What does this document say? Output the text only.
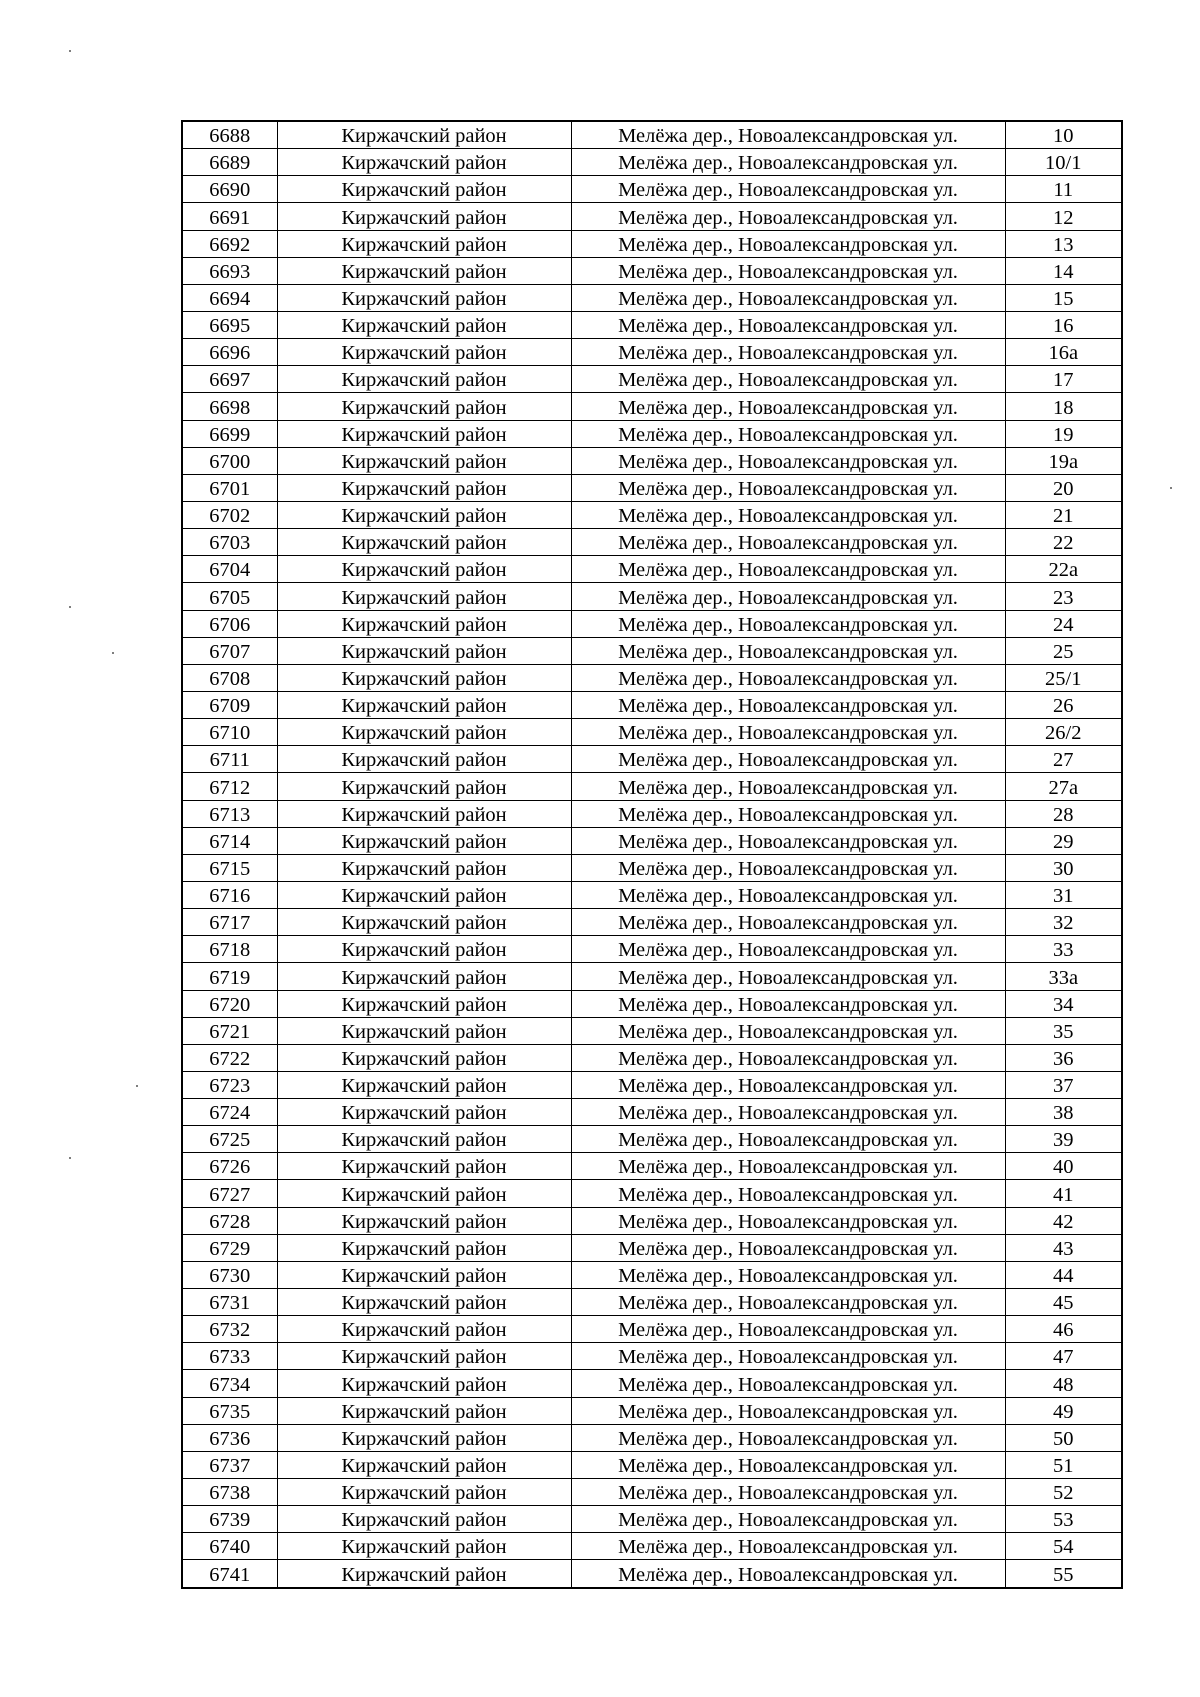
6688	Киржачский район	Мелёжа дер., Новоалександровская ул.	10
6689	Киржачский район	Мелёжа дер., Новоалександровская ул.	10/1
6690	Киржачский район	Мелёжа дер., Новоалександровская ул.	11
6691	Киржачский район	Мелёжа дер., Новоалександровская ул.	12
6692	Киржачский район	Мелёжа дер., Новоалександровская ул.	13
6693	Киржачский район	Мелёжа дер., Новоалександровская ул.	14
6694	Киржачский район	Мелёжа дер., Новоалександровская ул.	15
6695	Киржачский район	Мелёжа дер., Новоалександровская ул.	16
6696	Киржачский район	Мелёжа дер., Новоалександровская ул.	16а
6697	Киржачский район	Мелёжа дер., Новоалександровская ул.	17
6698	Киржачский район	Мелёжа дер., Новоалександровская ул.	18
6699	Киржачский район	Мелёжа дер., Новоалександровская ул.	19
6700	Киржачский район	Мелёжа дер., Новоалександровская ул.	19а
6701	Киржачский район	Мелёжа дер., Новоалександровская ул.	20
6702	Киржачский район	Мелёжа дер., Новоалександровская ул.	21
6703	Киржачский район	Мелёжа дер., Новоалександровская ул.	22
6704	Киржачский район	Мелёжа дер., Новоалександровская ул.	22а
6705	Киржачский район	Мелёжа дер., Новоалександровская ул.	23
6706	Киржачский район	Мелёжа дер., Новоалександровская ул.	24
6707	Киржачский район	Мелёжа дер., Новоалександровская ул.	25
6708	Киржачский район	Мелёжа дер., Новоалександровская ул.	25/1
6709	Киржачский район	Мелёжа дер., Новоалександровская ул.	26
6710	Киржачский район	Мелёжа дер., Новоалександровская ул.	26/2
6711	Киржачский район	Мелёжа дер., Новоалександровская ул.	27
6712	Киржачский район	Мелёжа дер., Новоалександровская ул.	27а
6713	Киржачский район	Мелёжа дер., Новоалександровская ул.	28
6714	Киржачский район	Мелёжа дер., Новоалександровская ул.	29
6715	Киржачский район	Мелёжа дер., Новоалександровская ул.	30
6716	Киржачский район	Мелёжа дер., Новоалександровская ул.	31
6717	Киржачский район	Мелёжа дер., Новоалександровская ул.	32
6718	Киржачский район	Мелёжа дер., Новоалександровская ул.	33
6719	Киржачский район	Мелёжа дер., Новоалександровская ул.	33а
6720	Киржачский район	Мелёжа дер., Новоалександровская ул.	34
6721	Киржачский район	Мелёжа дер., Новоалександровская ул.	35
6722	Киржачский район	Мелёжа дер., Новоалександровская ул.	36
6723	Киржачский район	Мелёжа дер., Новоалександровская ул.	37
6724	Киржачский район	Мелёжа дер., Новоалександровская ул.	38
6725	Киржачский район	Мелёжа дер., Новоалександровская ул.	39
6726	Киржачский район	Мелёжа дер., Новоалександровская ул.	40
6727	Киржачский район	Мелёжа дер., Новоалександровская ул.	41
6728	Киржачский район	Мелёжа дер., Новоалександровская ул.	42
6729	Киржачский район	Мелёжа дер., Новоалександровская ул.	43
6730	Киржачский район	Мелёжа дер., Новоалександровская ул.	44
6731	Киржачский район	Мелёжа дер., Новоалександровская ул.	45
6732	Киржачский район	Мелёжа дер., Новоалександровская ул.	46
6733	Киржачский район	Мелёжа дер., Новоалександровская ул.	47
6734	Киржачский район	Мелёжа дер., Новоалександровская ул.	48
6735	Киржачский район	Мелёжа дер., Новоалександровская ул.	49
6736	Киржачский район	Мелёжа дер., Новоалександровская ул.	50
6737	Киржачский район	Мелёжа дер., Новоалександровская ул.	51
6738	Киржачский район	Мелёжа дер., Новоалександровская ул.	52
6739	Киржачский район	Мелёжа дер., Новоалександровская ул.	53
6740	Киржачский район	Мелёжа дер., Новоалександровская ул.	54
6741	Киржачский район	Мелёжа дер., Новоалександровская ул.	55
